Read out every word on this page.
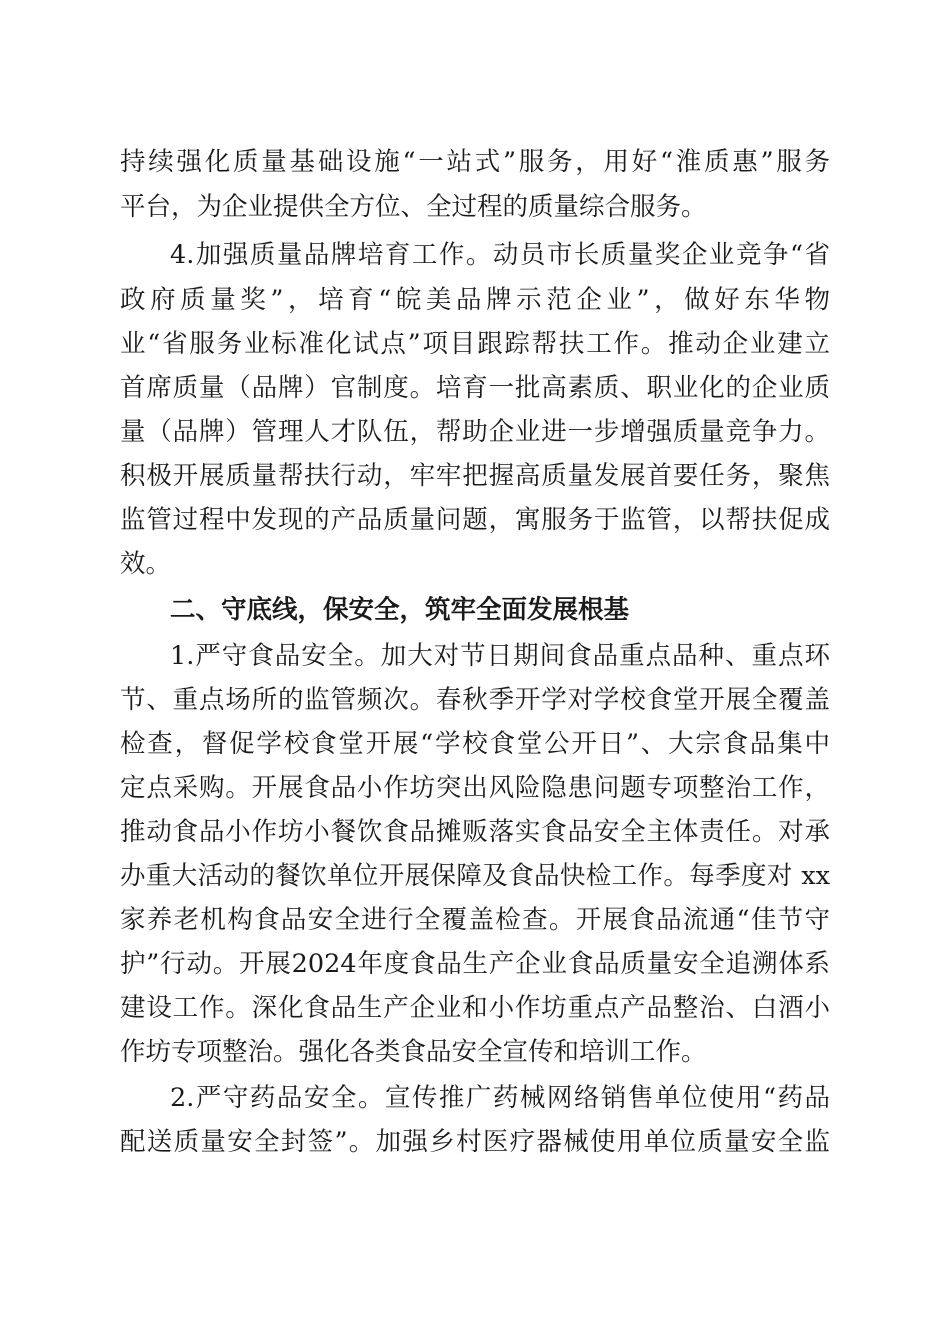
持续强化质量基础设施“一站式”服务，用好“淮质惠”服务
平台，为企业提供全方位、全过程的质量综合服务。
4.加强质量品牌培育工作。动员市长质量奖企业竞争“省
政府质量奖”，培育“皖美品牌示范企业”，做好东华物
业“省服务业标准化试点”项目跟踪帮扶工作。推动企业建立
首席质量（品牌）官制度。培育一批高素质、职业化的企业质
量（品牌）管理人才队伍，帮助企业进一步增强质量竞争力。
积极开展质量帮扶行动，牢牢把握高质量发展首要任务，聚焦
监管过程中发现的产品质量问题，寓服务于监管，以帮扶促成
效。
二、守底线，保安全，筑牢全面发展根基
1.严守食品安全。加大对节日期间食品重点品种、重点环
节、重点场所的监管频次。春秋季开学对学校食堂开展全覆盖
检查，督促学校食堂开展“学校食堂公开日”、大宗食品集中
定点采购。开展食品小作坊突出风险隐患问题专项整治工作，
推动食品小作坊小餐饮食品摊贩落实食品安全主体责任。对承
办重大活动的餐饮单位开展保障及食品快检工作。每季度对 xx
家养老机构食品安全进行全覆盖检查。开展食品流通“佳节守
护”行动。开展2024年度食品生产企业食品质量安全追溯体系
建设工作。深化食品生产企业和小作坊重点产品整治、白酒小
作坊专项整治。强化各类食品安全宣传和培训工作。
2.严守药品安全。宣传推广药械网络销售单位使用“药品
配送质量安全封签”。加强乡村医疗器械使用单位质量安全监
